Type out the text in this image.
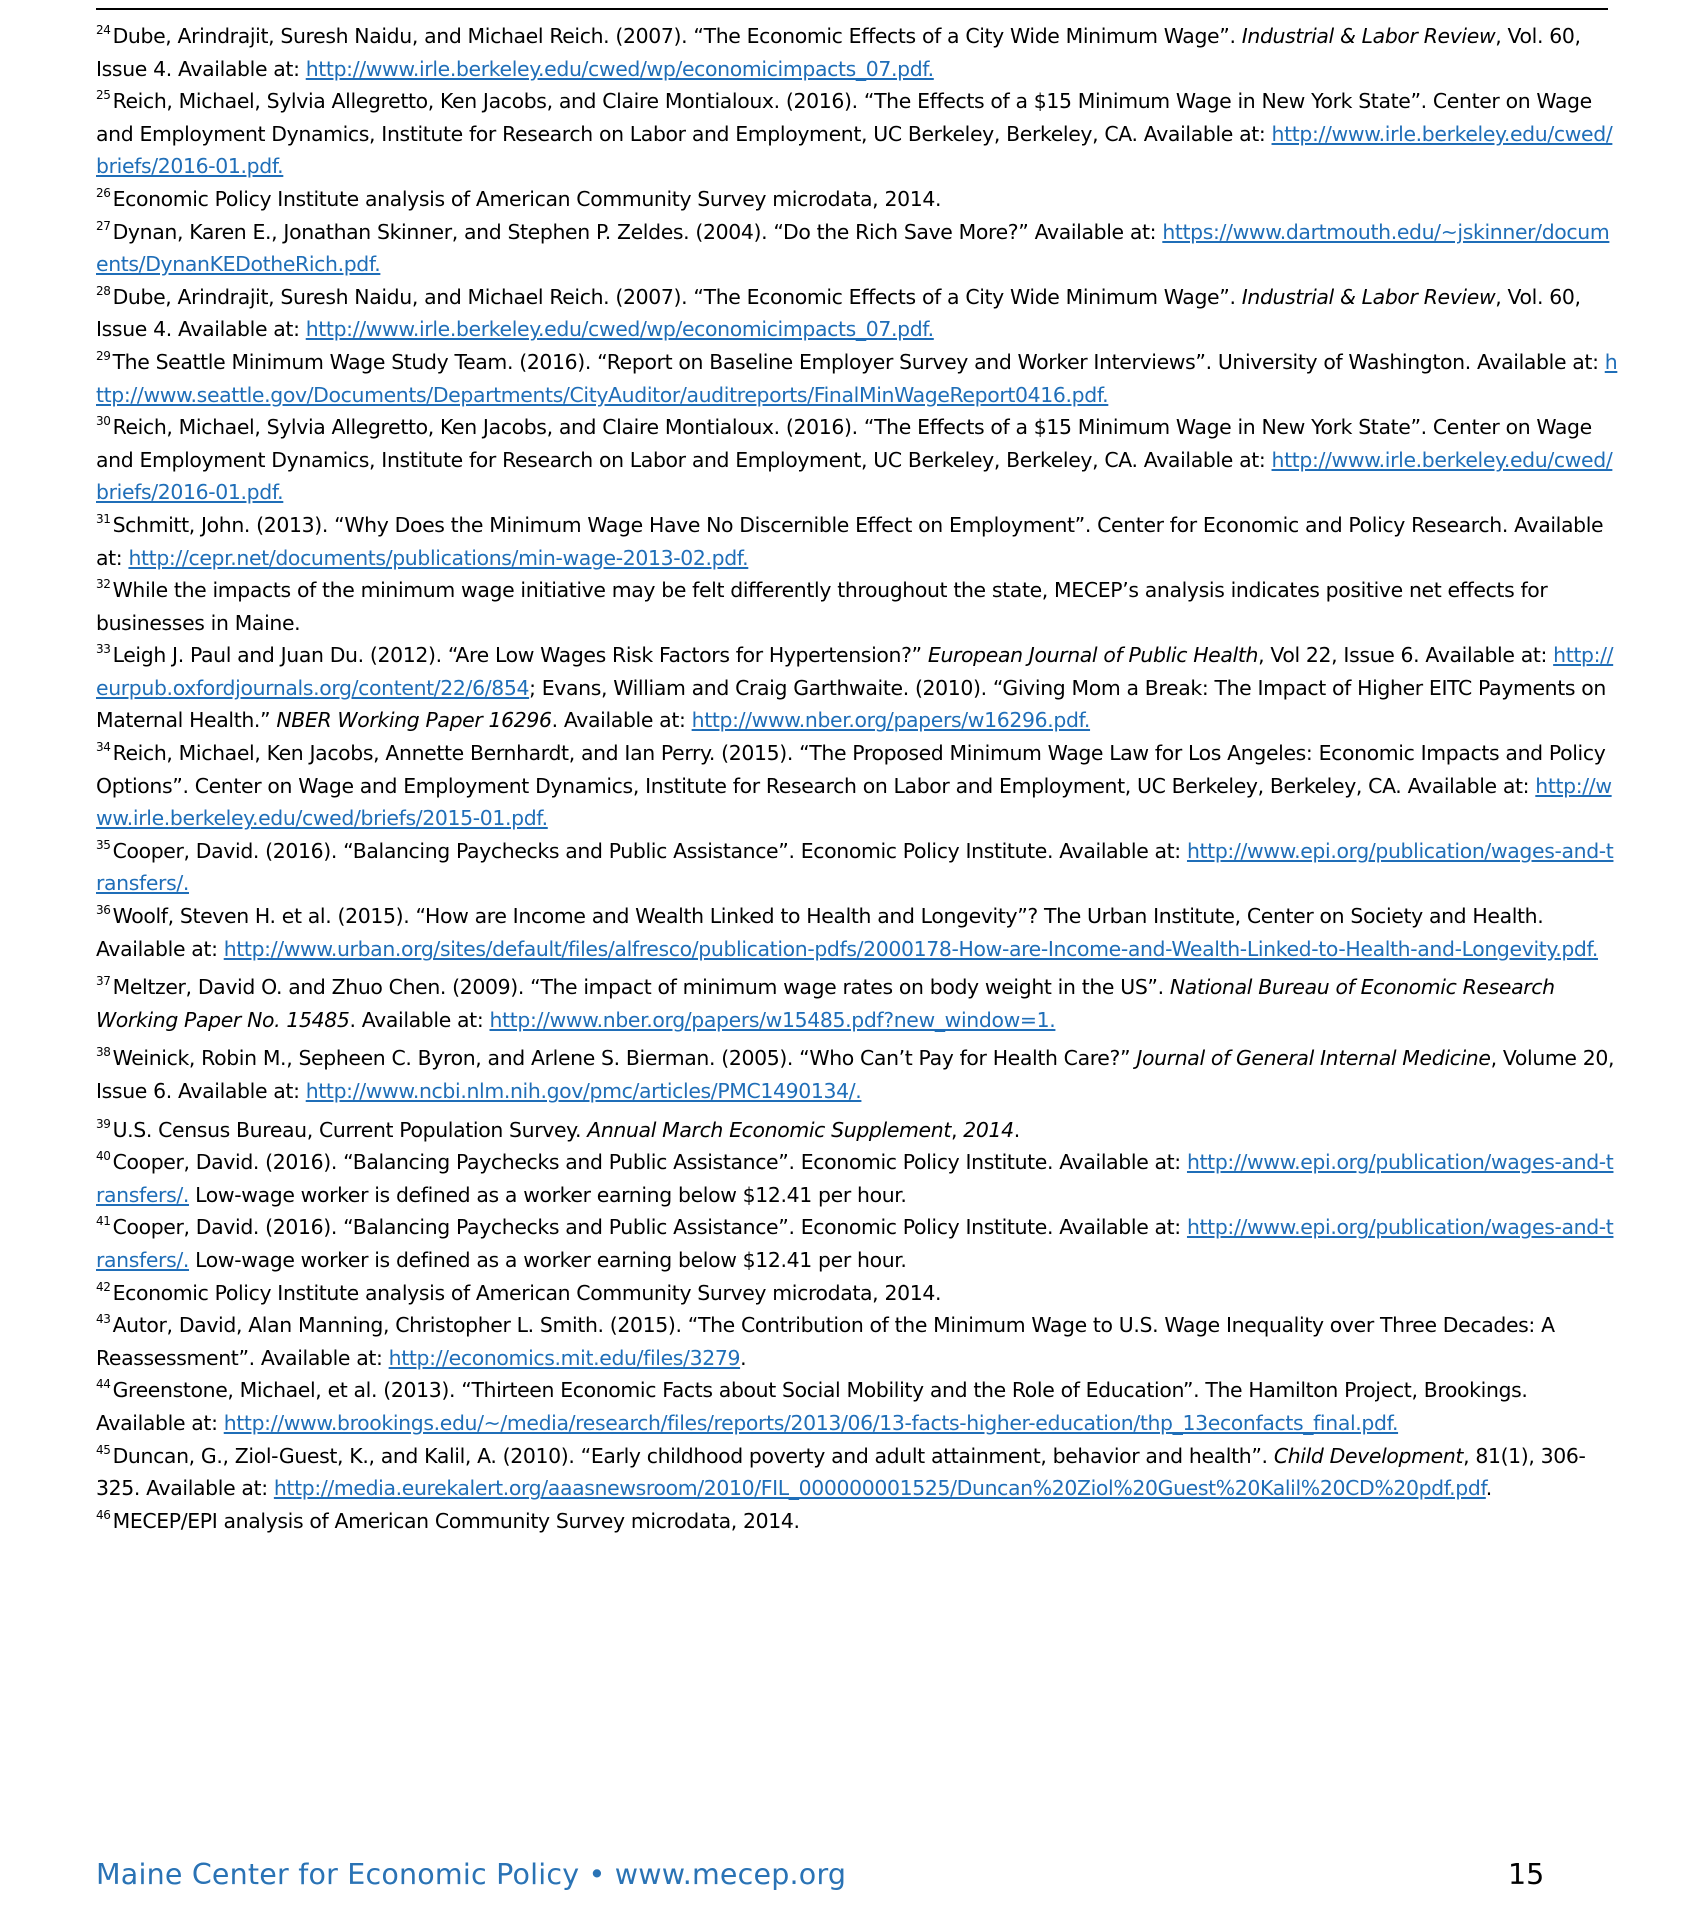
$^{24}$Dube, Arindrajit, Suresh Naidu, and Michael Reich. (2007). “The Economic Effects of a City Wide Minimum Wage”. Industrial & Labor Review, Vol. 60, Issue 4. Available at: http://www.irle.berkeley.edu/cwed/wp/economicimpacts_07.pdf.

$^{25}$Reich, Michael, Sylvia Allegretto, Ken Jacobs, and Claire Montialoux. (2016). “The Effects of a $15 Minimum Wage in New York State”. Center on Wage and Employment Dynamics, Institute for Research on Labor and Employment, UC Berkeley, Berkeley, CA. Available at: http://www.irle.berkeley.edu/cwed/briefs/2016-01.pdf.

$^{26}$Economic Policy Institute analysis of American Community Survey microdata, 2014.

$^{27}$Dynan, Karen E., Jonathan Skinner, and Stephen P. Zeldes. (2004). “Do the Rich Save More?” Available at: https://www.dartmouth.edu/~jskinner/documents/DynanKEDotheRich.pdf.

$^{28}$Dube, Arindrajit, Suresh Naidu, and Michael Reich. (2007). “The Economic Effects of a City Wide Minimum Wage”. Industrial & Labor Review, Vol. 60, Issue 4. Available at: http://www.irle.berkeley.edu/cwed/wp/economicimpacts_07.pdf.

$^{29}$The Seattle Minimum Wage Study Team. (2016). “Report on Baseline Employer Survey and Worker Interviews”. University of Washington. Available at: http://www.seattle.gov/Documents/Departments/CityAuditor/auditreports/FinalMinWageReport0416.pdf.

$^{30}$Reich, Michael, Sylvia Allegretto, Ken Jacobs, and Claire Montialoux. (2016). “The Effects of a $15 Minimum Wage in New York State”. Center on Wage and Employment Dynamics, Institute for Research on Labor and Employment, UC Berkeley, Berkeley, CA. Available at: http://www.irle.berkeley.edu/cwed/briefs/2016-01.pdf.

$^{31}$Schmitt, John. (2013). “Why Does the Minimum Wage Have No Discernible Effect on Employment”. Center for Economic and Policy Research. Available at: http://cepr.net/documents/publications/min-wage-2013-02.pdf.

$^{32}$While the impacts of the minimum wage initiative may be felt differently throughout the state, MECEP’s analysis indicates positive net effects for businesses in Maine.

$^{33}$Leigh J. Paul and Juan Du. (2012). “Are Low Wages Risk Factors for Hypertension?” European Journal of Public Health, Vol 22, Issue 6. Available at: http://eurpub.oxfordjournals.org/content/22/6/854; Evans, William and Craig Garthwaite. (2010). “Giving Mom a Break: The Impact of Higher EITC Payments on Maternal Health.” NBER Working Paper 16296. Available at: http://www.nber.org/papers/w16296.pdf.

$^{34}$Reich, Michael, Ken Jacobs, Annette Bernhardt, and Ian Perry. (2015). “The Proposed Minimum Wage Law for Los Angeles: Economic Impacts and Policy Options”. Center on Wage and Employment Dynamics, Institute for Research on Labor and Employment, UC Berkeley, Berkeley, CA. Available at: http://www.irle.berkeley.edu/cwed/briefs/2015-01.pdf.

$^{35}$Cooper, David. (2016). “Balancing Paychecks and Public Assistance”. Economic Policy Institute. Available at: http://www.epi.org/publication/wages-and-transfers/.

$^{36}$Woolf, Steven H. et al. (2015). “How are Income and Wealth Linked to Health and Longevity”? The Urban Institute, Center on Society and Health. Available at: http://www.urban.org/sites/default/files/alfresco/publication-pdfs/2000178-How-are-Income-and-Wealth-Linked-to-Health-and-Longevity.pdf.

$^{37}$Meltzer, David O. and Zhuo Chen. (2009). “The impact of minimum wage rates on body weight in the US”. National Bureau of Economic Research Working Paper No. 15485. Available at: http://www.nber.org/papers/w15485.pdf?new_window=1.

$^{38}$Weinick, Robin M., Sepheen C. Byron, and Arlene S. Bierman. (2005). “Who Can’t Pay for Health Care?” Journal of General Internal Medicine, Volume 20, Issue 6. Available at: http://www.ncbi.nlm.nih.gov/pmc/articles/PMC1490134/.

$^{39}$U.S. Census Bureau, Current Population Survey. Annual March Economic Supplement, 2014.

$^{40}$Cooper, David. (2016). “Balancing Paychecks and Public Assistance”. Economic Policy Institute. Available at: http://www.epi.org/publication/wages-and-transfers/. Low-wage worker is defined as a worker earning below $12.41 per hour.

$^{41}$Cooper, David. (2016). “Balancing Paychecks and Public Assistance”. Economic Policy Institute. Available at: http://www.epi.org/publication/wages-and-transfers/. Low-wage worker is defined as a worker earning below $12.41 per hour.

$^{42}$Economic Policy Institute analysis of American Community Survey microdata, 2014.

$^{43}$Autor, David, Alan Manning, Christopher L. Smith. (2015). “The Contribution of the Minimum Wage to U.S. Wage Inequality over Three Decades: A Reassessment”. Available at: http://economics.mit.edu/files/3279.

$^{44}$Greenstone, Michael, et al. (2013). “Thirteen Economic Facts about Social Mobility and the Role of Education”. The Hamilton Project, Brookings. Available at: http://www.brookings.edu/~/media/research/files/reports/2013/06/13-facts-higher-education/thp_13econfacts_final.pdf.

$^{45}$Duncan, G., Ziol-Guest, K., and Kalil, A. (2010). “Early childhood poverty and adult attainment, behavior and health”. Child Development, 81(1), 306-325. Available at: http://media.eurekalert.org/aaasnewsroom/2010/FIL_000000001525/Duncan%20Ziol%20Guest%20Kalil%20CD%20pdf.pdf.

$^{46}$MECEP/EPI analysis of American Community Survey microdata, 2014.

Maine Center for Economic Policy • www.mecep.org	15
